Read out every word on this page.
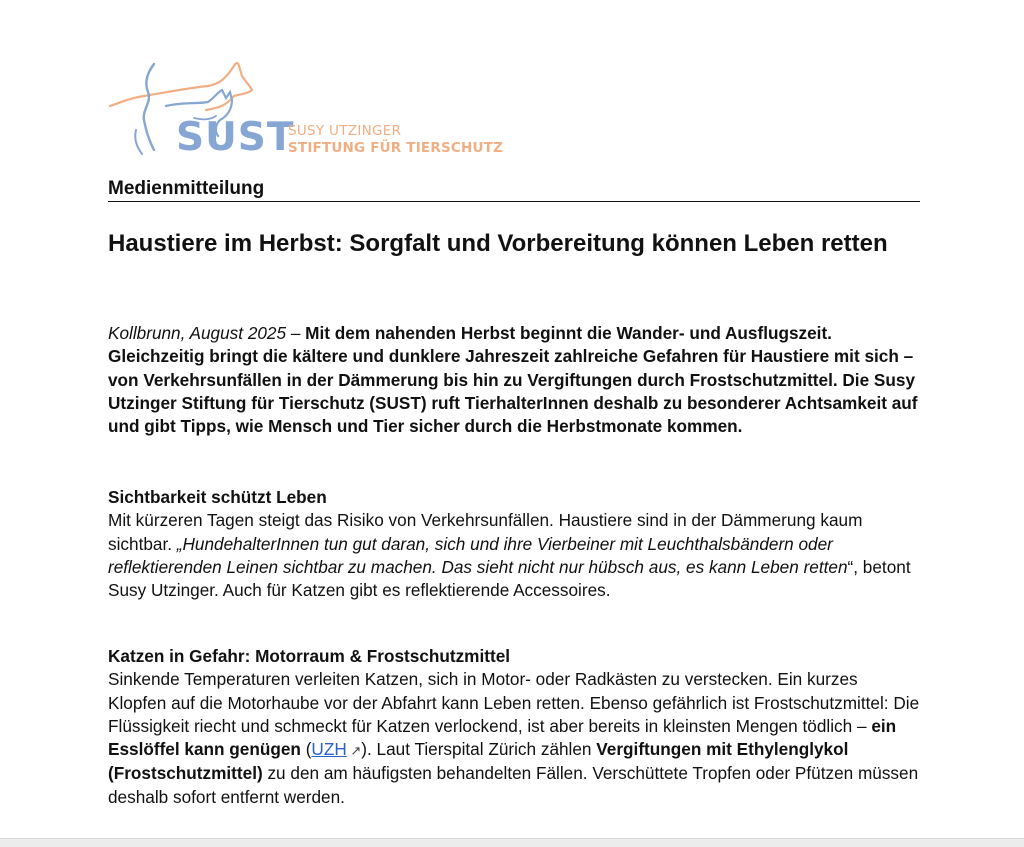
SUST
SUSY UTZINGER
STIFTUNG FÜR TIERSCHUTZ
Medienmitteilung
Haustiere im Herbst: Sorgfalt und Vorbereitung können Leben retten
Kollbrunn, August 2025 – Mit dem nahenden Herbst beginnt die Wander- und Ausflugszeit. Gleichzeitig bringt die kältere und dunklere Jahreszeit zahlreiche Gefahren für Haustiere mit sich – von Verkehrsunfällen in der Dämmerung bis hin zu Vergiftungen durch Frostschutzmittel. Die Susy Utzinger Stiftung für Tierschutz (SUST) ruft TierhalterInnen deshalb zu besonderer Achtsamkeit auf und gibt Tipps, wie Mensch und Tier sicher durch die Herbstmonate kommen.
Sichtbarkeit schützt Leben

Mit kürzeren Tagen steigt das Risiko von Verkehrsunfällen. Haustiere sind in der Dämmerung kaum sichtbar. „HundehalterInnen tun gut daran, sich und ihre Vierbeiner mit Leuchthalsbändern oder reflektierenden Leinen sichtbar zu machen. Das sieht nicht nur hübsch aus, es kann Leben retten“, betont Susy Utzinger. Auch für Katzen gibt es reflektierende Accessoires.

Katzen in Gefahr: Motorraum & Frostschutzmittel

Sinkende Temperaturen verleiten Katzen, sich in Motor- oder Radkästen zu verstecken. Ein kurzes Klopfen auf die Motorhaube vor der Abfahrt kann Leben retten. Ebenso gefährlich ist Frostschutzmittel: Die Flüssigkeit riecht und schmeckt für Katzen verlockend, ist aber bereits in kleinsten Mengen tödlich – ein Esslöffel kann genügen (UZH ↗). Laut Tierspital Zürich zählen Vergiftungen mit Ethylenglykol (Frostschutzmittel) zu den am häufigsten behandelten Fällen. Verschüttete Tropfen oder Pfützen müssen deshalb sofort entfernt werden.
